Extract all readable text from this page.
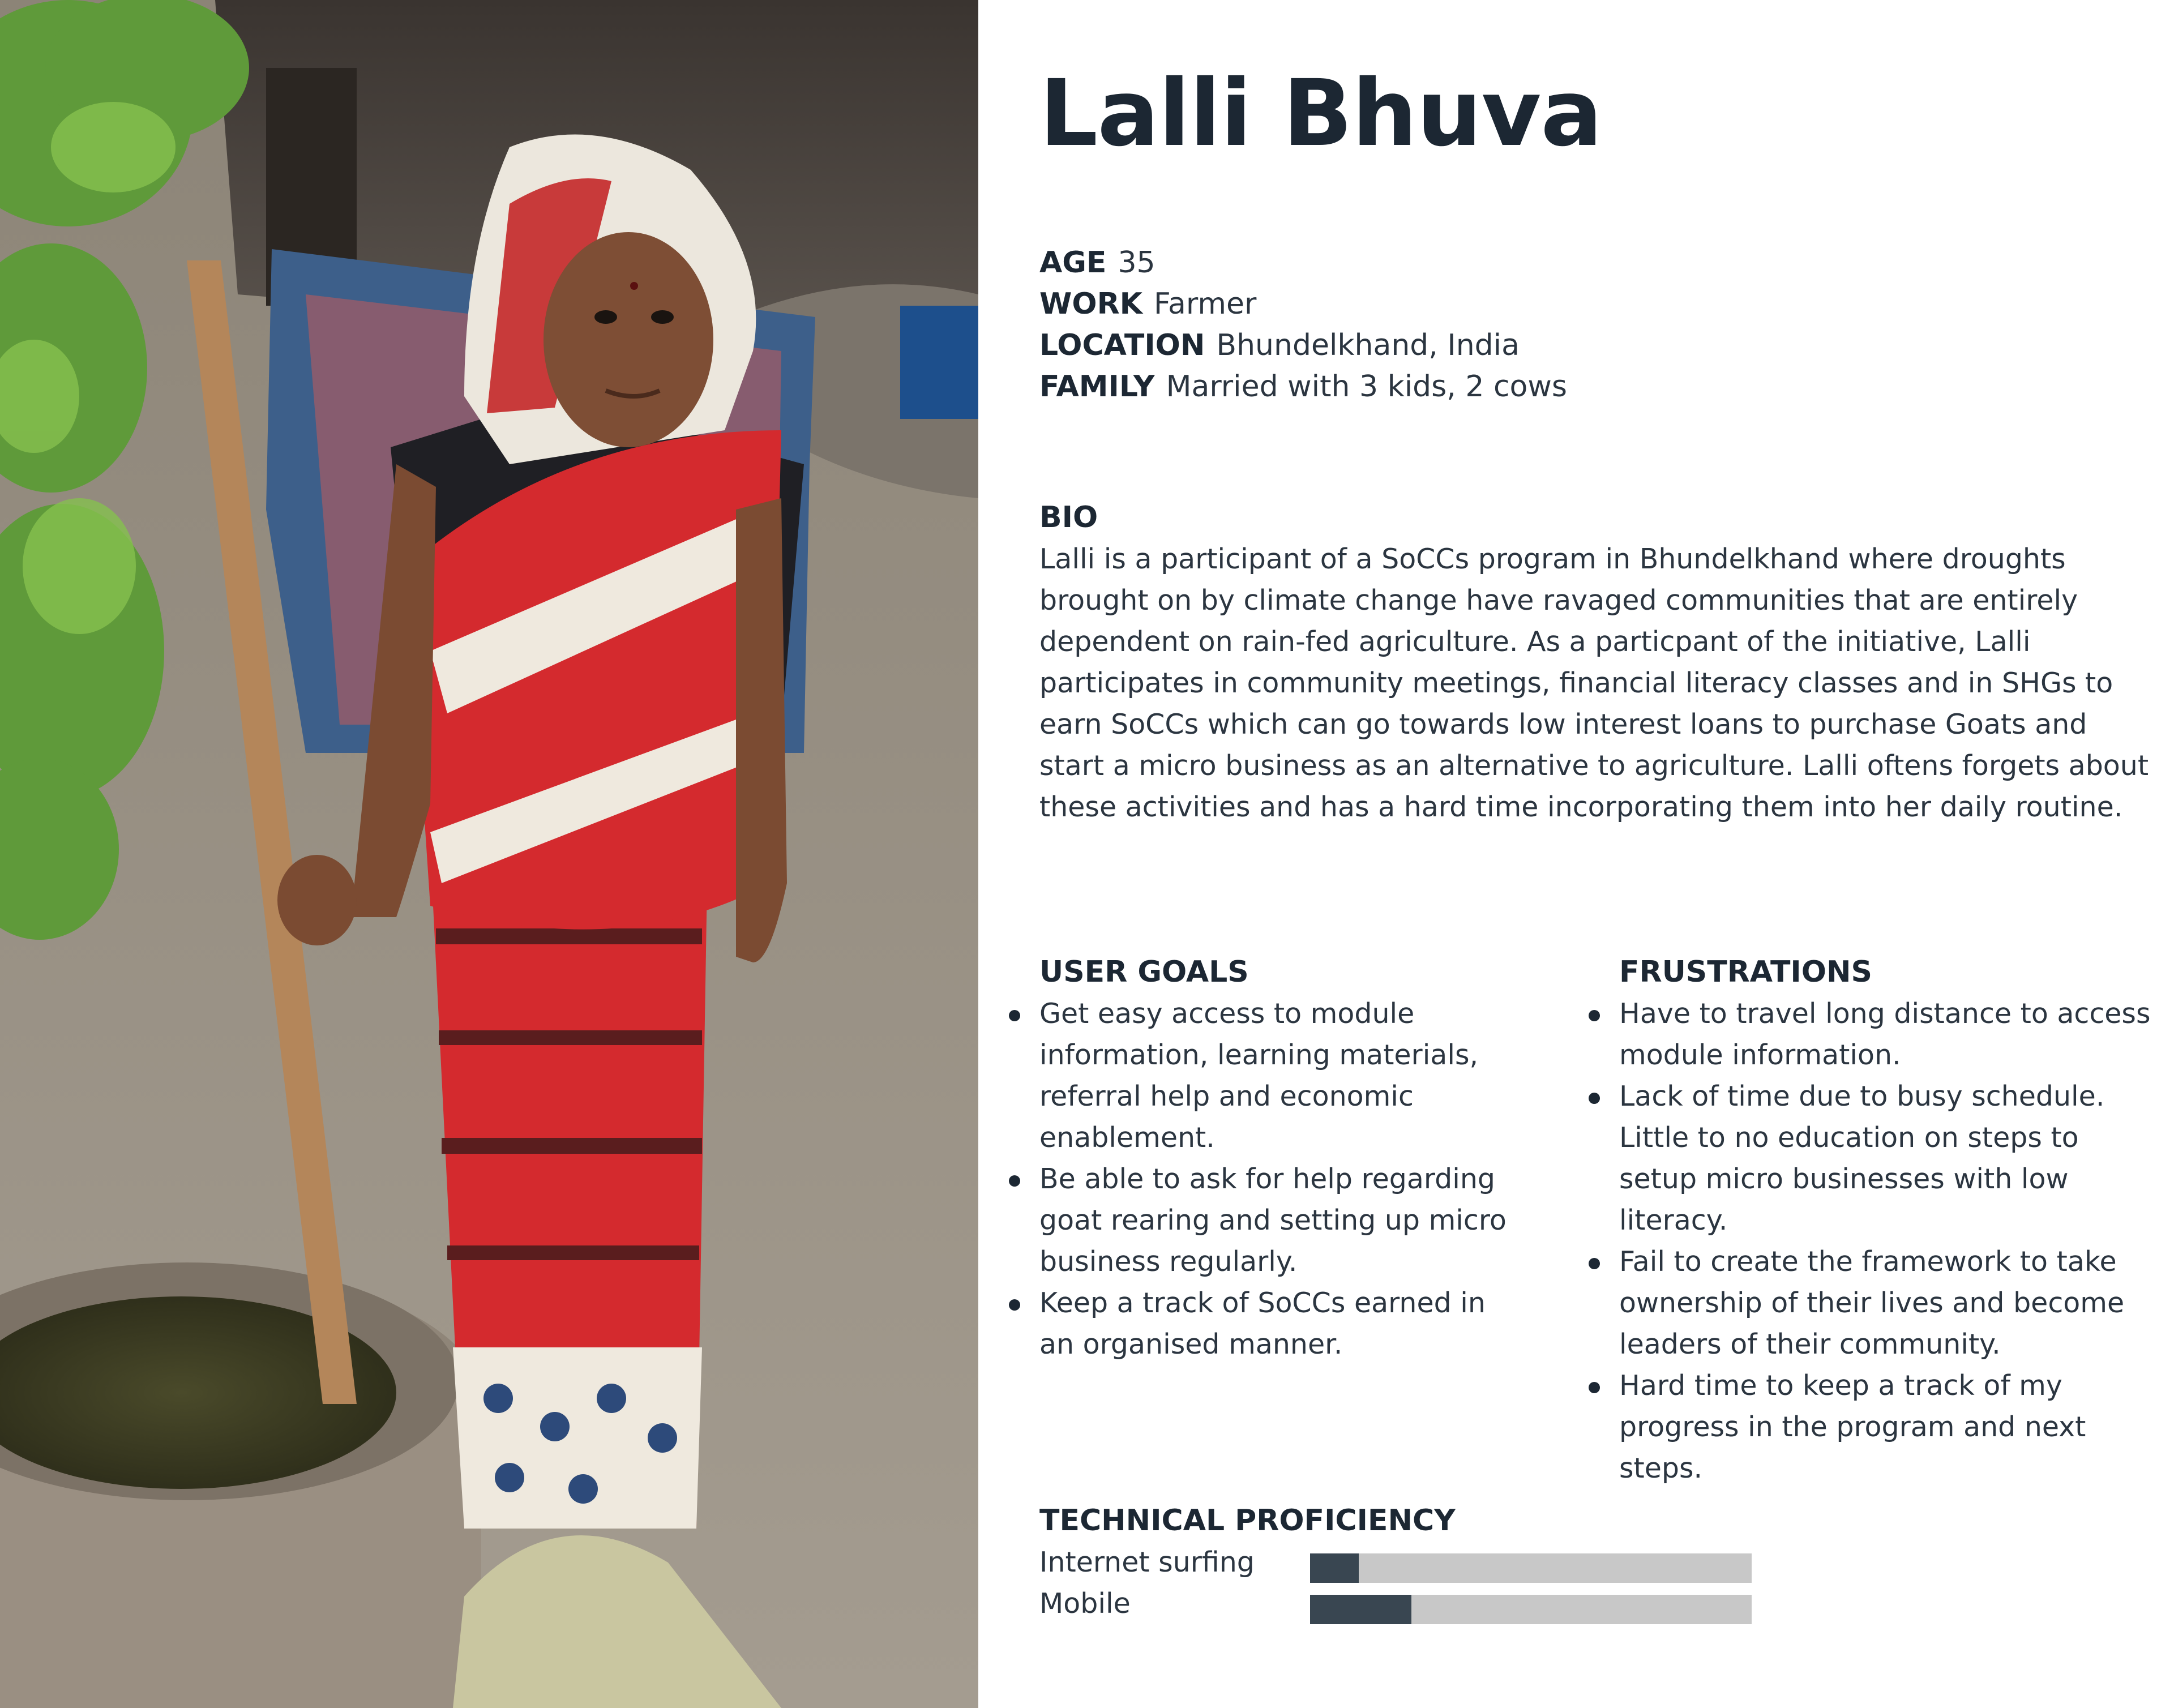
Lalli Bhuva
AGE 35
WORK Farmer
LOCATION Bhundelkhand, India
FAMILY Married with 3 kids, 2 cows
BIO
Lalli is a participant of a SoCCs program in Bhundelkhand where droughts brought on by climate change have ravaged communities that are entirely dependent on rain-fed agriculture. As a particpant of the initiative, Lalli participates in community meetings, financial literacy classes and in SHGs to earn SoCCs which can go towards low interest loans to purchase Goats and start a micro business as an alternative to agriculture. Lalli oftens forgets about these activities and has a hard time incorporating them into her daily routine.
USER GOALS
Get easy access to module information, learning materials, referral help and economic enablement.
Be able to ask for help regarding goat rearing and setting up micro business regularly.
Keep a track of SoCCs earned in an organised manner.
FRUSTRATIONS
Have to travel long distance to access module information.
Lack of time due to busy schedule. Little to no education on steps to setup micro businesses with low literacy.
Fail to create the framework to take ownership of their lives and become leaders of their community.
Hard time to keep a track of my progress in the program and next steps.
TECHNICAL PROFICIENCY
Internet surfing
Mobile
